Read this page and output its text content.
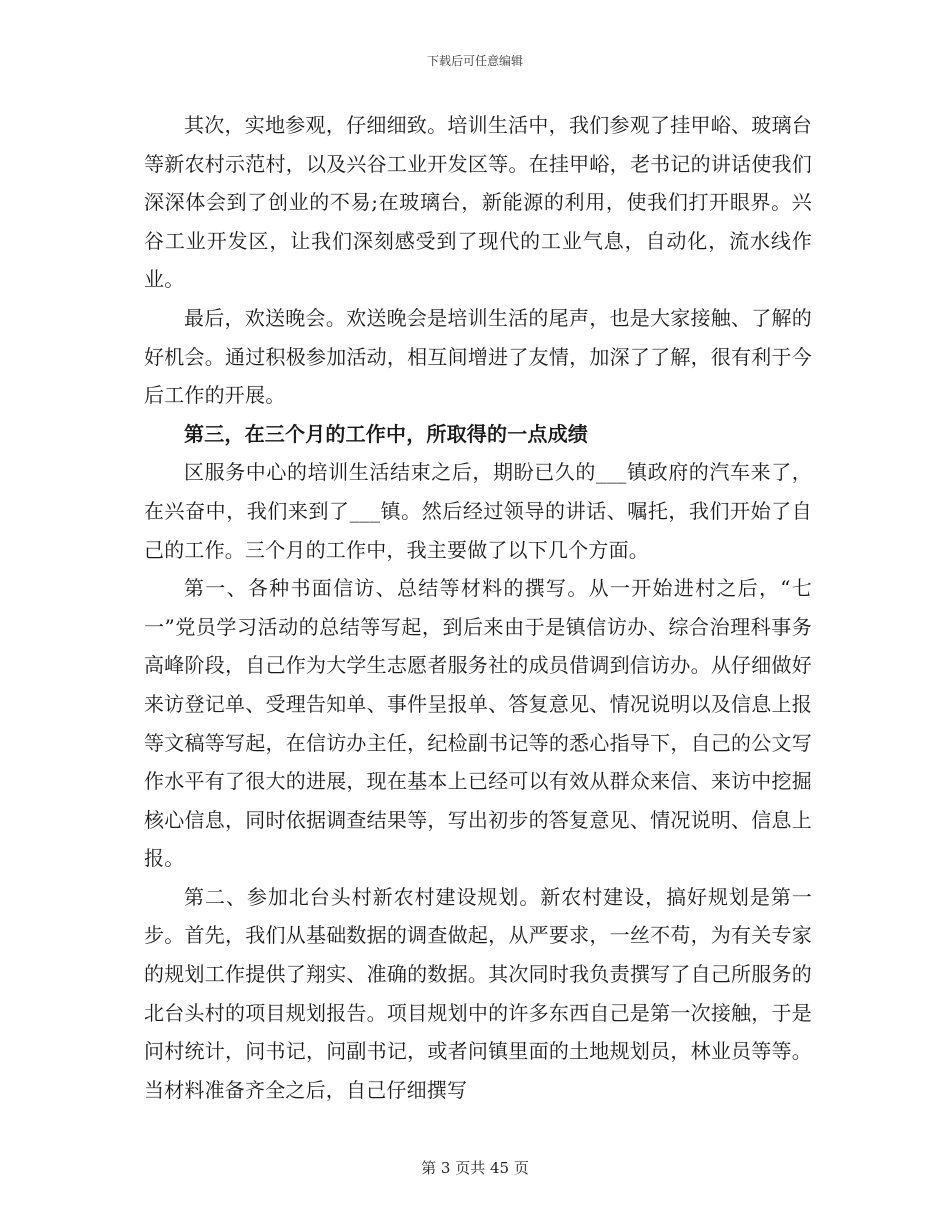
下载后可任意编辑

其次，实地参观，仔细细致。培训生活中，我们参观了挂甲峪、玻璃台等新农村示范村，以及兴谷工业开发区等。在挂甲峪，老书记的讲话使我们深深体会到了创业的不易;在玻璃台，新能源的利用，使我们打开眼界。兴谷工业开发区，让我们深刻感受到了现代的工业气息，自动化，流水线作业。

最后，欢送晚会。欢送晚会是培训生活的尾声，也是大家接触、了解的好机会。通过积极参加活动，相互间增进了友情，加深了了解，很有利于今后工作的开展。

第三，在三个月的工作中，所取得的一点成绩

区服务中心的培训生活结束之后，期盼已久的___镇政府的汽车来了，在兴奋中，我们来到了___镇。然后经过领导的讲话、嘱托，我们开始了自己的工作。三个月的工作中，我主要做了以下几个方面。

第一、各种书面信访、总结等材料的撰写。从一开始进村之后，“七一”党员学习活动的总结等写起，到后来由于是镇信访办、综合治理科事务高峰阶段，自己作为大学生志愿者服务社的成员借调到信访办。从仔细做好来访登记单、受理告知单、事件呈报单、答复意见、情况说明以及信息上报等文稿等写起，在信访办主任，纪检副书记等的悉心指导下，自己的公文写作水平有了很大的进展，现在基本上已经可以有效从群众来信、来访中挖掘核心信息，同时依据调查结果等，写出初步的答复意见、情况说明、信息上报。

第二、参加北台头村新农村建设规划。新农村建设，搞好规划是第一步。首先，我们从基础数据的调查做起，从严要求，一丝不苟，为有关专家的规划工作提供了翔实、准确的数据。其次同时我负责撰写了自己所服务的北台头村的项目规划报告。项目规划中的许多东西自己是第一次接触，于是问村统计，问书记，问副书记，或者问镇里面的土地规划员，林业员等等。当材料准备齐全之后，自己仔细撰写

第 3 页共 45 页
